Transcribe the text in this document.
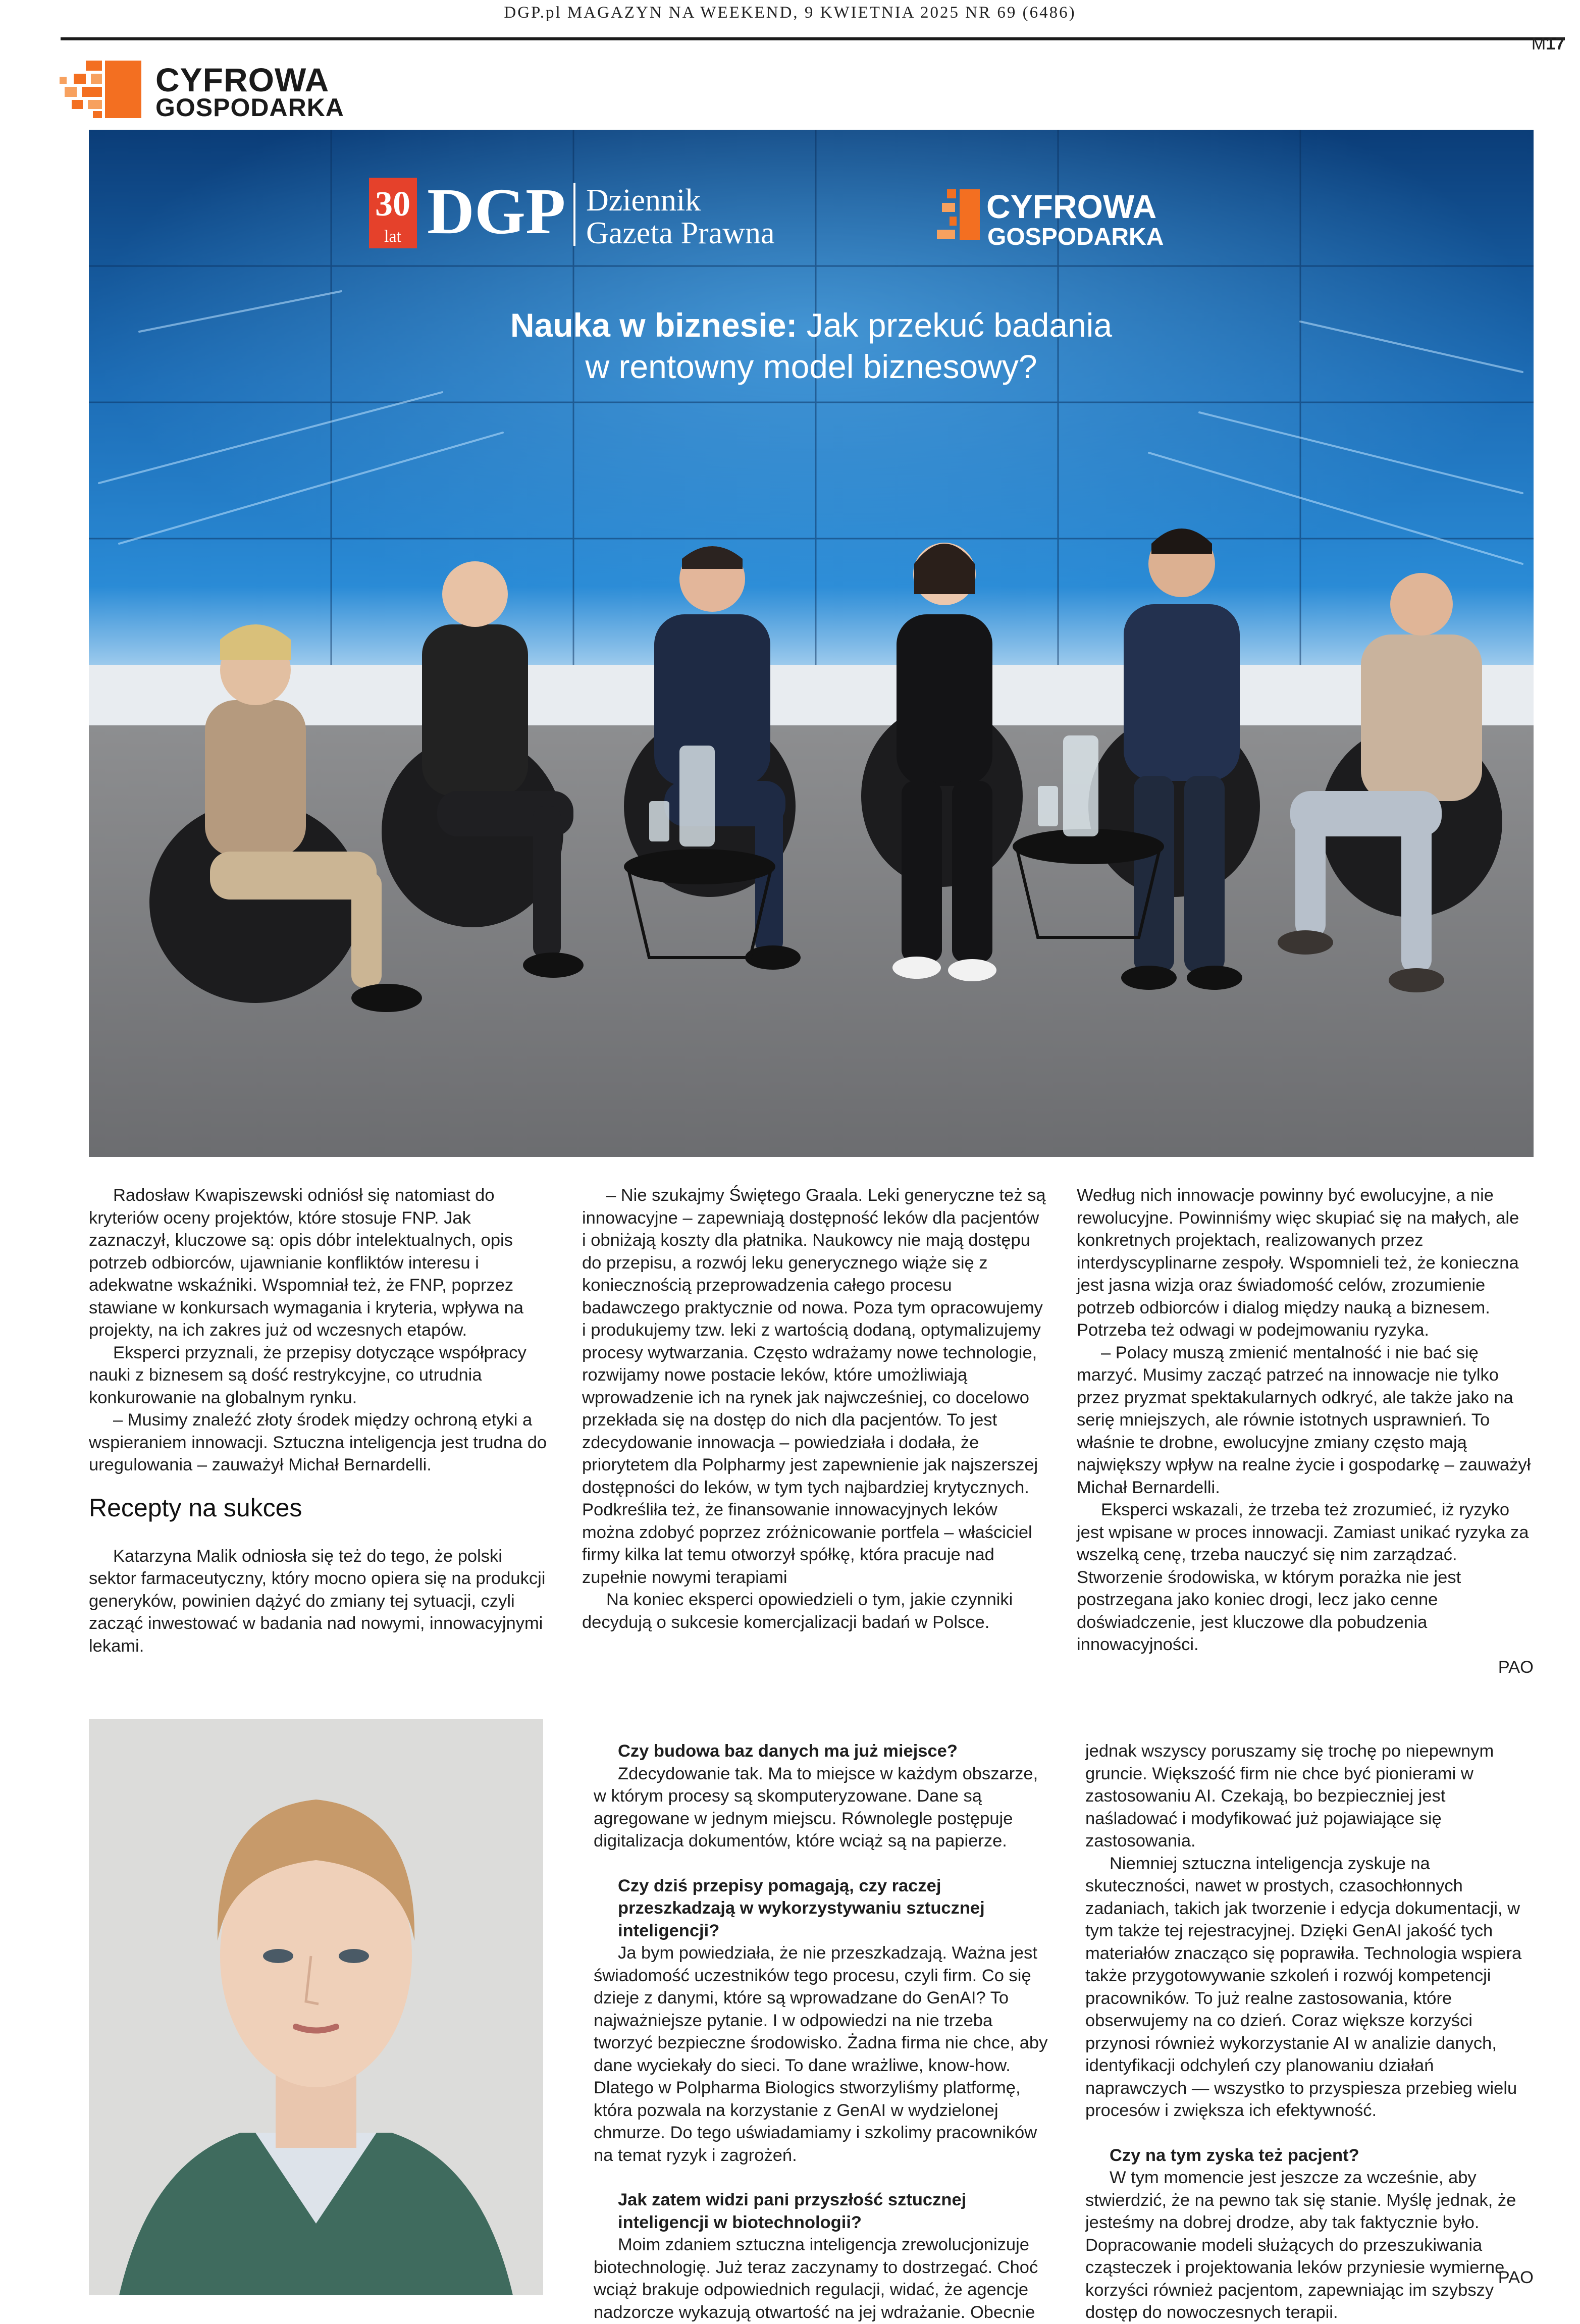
DGP.pl MAGAZYN NA WEEKEND, 9 KWIETNIA 2025 NR 69 (6486)
M17
CYFROWA
GOSPODARKA
30
lat DGP Dziennik
Gazeta Prawna
CYFROWA
GOSPODARKA
Nauka w biznesie: Jak przekuć badania
w rentowny model biznesowy?

Radosław Kwapiszewski odniósł się natomiast do kryteriów oceny projektów, które stosuje FNP. Jak zaznaczył, kluczowe są: opis dóbr intelektualnych, opis potrzeb odbiorców, ujawnianie konfliktów interesu i adekwatne wskaźniki. Wspomniał też, że FNP, poprzez stawiane w konkursach wymagania i kryteria, wpływa na projekty, na ich zakres już od wczesnych etapów.

Eksperci przyznali, że przepisy dotyczące współpracy nauki z biznesem są dość restrykcyjne, co utrudnia konkurowanie na globalnym rynku.

– Musimy znaleźć złoty środek między ochroną etyki a wspieraniem innowacji. Sztuczna inteligencja jest trudna do uregulowania – zauważył Michał Bernardelli.

Recepty na sukces

Katarzyna Malik odniosła się też do tego, że polski sektor farmaceutyczny, który mocno opiera się na produkcji generyków, powinien dążyć do zmiany tej sytuacji, czyli zacząć inwestować w badania nad nowymi, innowacyjnymi lekami.

– Nie szukajmy Świętego Graala. Leki generyczne też są innowacyjne – zapewniają dostępność leków dla pacjentów i obniżają koszty dla płatnika. Naukowcy nie mają dostępu do przepisu, a rozwój leku generycznego wiąże się z koniecznością przeprowadzenia całego procesu badawczego praktycznie od nowa. Poza tym opracowujemy i produkujemy tzw. leki z wartością dodaną, optymalizujemy procesy wytwarzania. Często wdrażamy nowe technologie, rozwijamy nowe postacie leków, które umożliwiają wprowadzenie ich na rynek jak najwcześniej, co docelowo przekłada się na dostęp do nich dla pacjentów. To jest zdecydowanie innowacja – powiedziała i dodała, że priorytetem dla Polpharmy jest zapewnienie jak najszerszej dostępności do leków, w tym tych najbardziej krytycznych. Podkreśliła też, że finansowanie innowacyjnych leków można zdobyć poprzez zróżnicowanie portfela – właściciel firmy kilka lat temu otworzył spółkę, która pracuje nad zupełnie nowymi terapiami

Na koniec eksperci opowiedzieli o tym, jakie czynniki decydują o sukcesie komercjalizacji badań w Polsce.

Według nich innowacje powinny być ewolucyjne, a nie rewolucyjne. Powinniśmy więc skupiać się na małych, ale konkretnych projektach, realizowanych przez interdyscyplinarne zespoły. Wspomnieli też, że konieczna jest jasna wizja oraz świadomość celów, zrozumienie potrzeb odbiorców i dialog między nauką a biznesem. Potrzeba też odwagi w podejmowaniu ryzyka.

– Polacy muszą zmienić mentalność i nie bać się marzyć. Musimy zacząć patrzeć na innowacje nie tylko przez pryzmat spektakularnych odkryć, ale także jako na serię mniejszych, ale równie istotnych usprawnień. To właśnie te drobne, ewolucyjne zmiany często mają największy wpływ na realne życie i gospodarkę – zauważył Michał Bernardelli.

Eksperci wskazali, że trzeba też zrozumieć, iż ryzyko jest wpisane w proces innowacji. Zamiast unikać ryzyka za wszelką cenę, trzeba nauczyć się nim zarządzać. Stworzenie środowiska, w którym porażka nie jest postrzegana jako koniec drogi, lecz jako cenne doświadczenie, jest kluczowe dla pobudzenia innowacyjności.

PAO

Czy budowa baz danych ma już miejsce?

Zdecydowanie tak. Ma to miejsce w każdym obszarze, w którym procesy są skomputeryzowane. Dane są agregowane w jednym miejscu. Równolegle postępuje digitalizacja dokumentów, które wciąż są na papierze.

Czy dziś przepisy pomagają, czy raczej przeszkadzają w wykorzystywaniu sztucznej inteligencji?

Ja bym powiedziała, że nie przeszkadzają. Ważna jest świadomość uczestników tego procesu, czyli firm. Co się dzieje z danymi, które są wprowadzane do GenAI? To najważniejsze pytanie. I w odpowiedzi na nie trzeba tworzyć bezpieczne środowisko. Żadna firma nie chce, aby dane wyciekały do sieci. To dane wrażliwe, know-how. Dlatego w Polpharma Biologics stworzyliśmy platformę, która pozwala na korzystanie z GenAI w wydzielonej chmurze. Do tego uświadamiamy i szkolimy pracowników na temat ryzyk i zagrożeń.

Jak zatem widzi pani przyszłość sztucznej inteligencji w biotechnologii?

Moim zdaniem sztuczna inteligencja zrewolucjonizuje biotechnologię. Już teraz zaczynamy to dostrzegać. Choć wciąż brakuje odpowiednich regulacji, widać, że agencje nadzorcze wykazują otwartość na jej wdrażanie. Obecnie

jednak wszyscy poruszamy się trochę po niepewnym gruncie. Większość firm nie chce być pionierami w zastosowaniu AI. Czekają, bo bezpieczniej jest naśladować i modyfikować już pojawiające się zastosowania.

Niemniej sztuczna inteligencja zyskuje na skuteczności, nawet w prostych, czasochłonnych zadaniach, takich jak tworzenie i edycja dokumentacji, w tym także tej rejestracyjnej. Dzięki GenAI jakość tych materiałów znacząco się poprawiła. Technologia wspiera także przygotowywanie szkoleń i rozwój kompetencji pracowników. To już realne zastosowania, które obserwujemy na co dzień. Coraz większe korzyści przynosi również wykorzystanie AI w analizie danych, identyfikacji odchyleń czy planowaniu działań naprawczych — wszystko to przyspiesza przebieg wielu procesów i zwiększa ich efektywność.

Czy na tym zyska też pacjent?

W tym momencie jest jeszcze za wcześnie, aby stwierdzić, że na pewno tak się stanie. Myślę jednak, że jesteśmy na dobrej drodze, aby tak faktycznie było. Dopracowanie modeli służących do przeszukiwania cząsteczek i projektowania leków przyniesie wymierne korzyści również pacjentom, zapewniając im szybszy dostęp do nowoczesnych terapii.

PAO
